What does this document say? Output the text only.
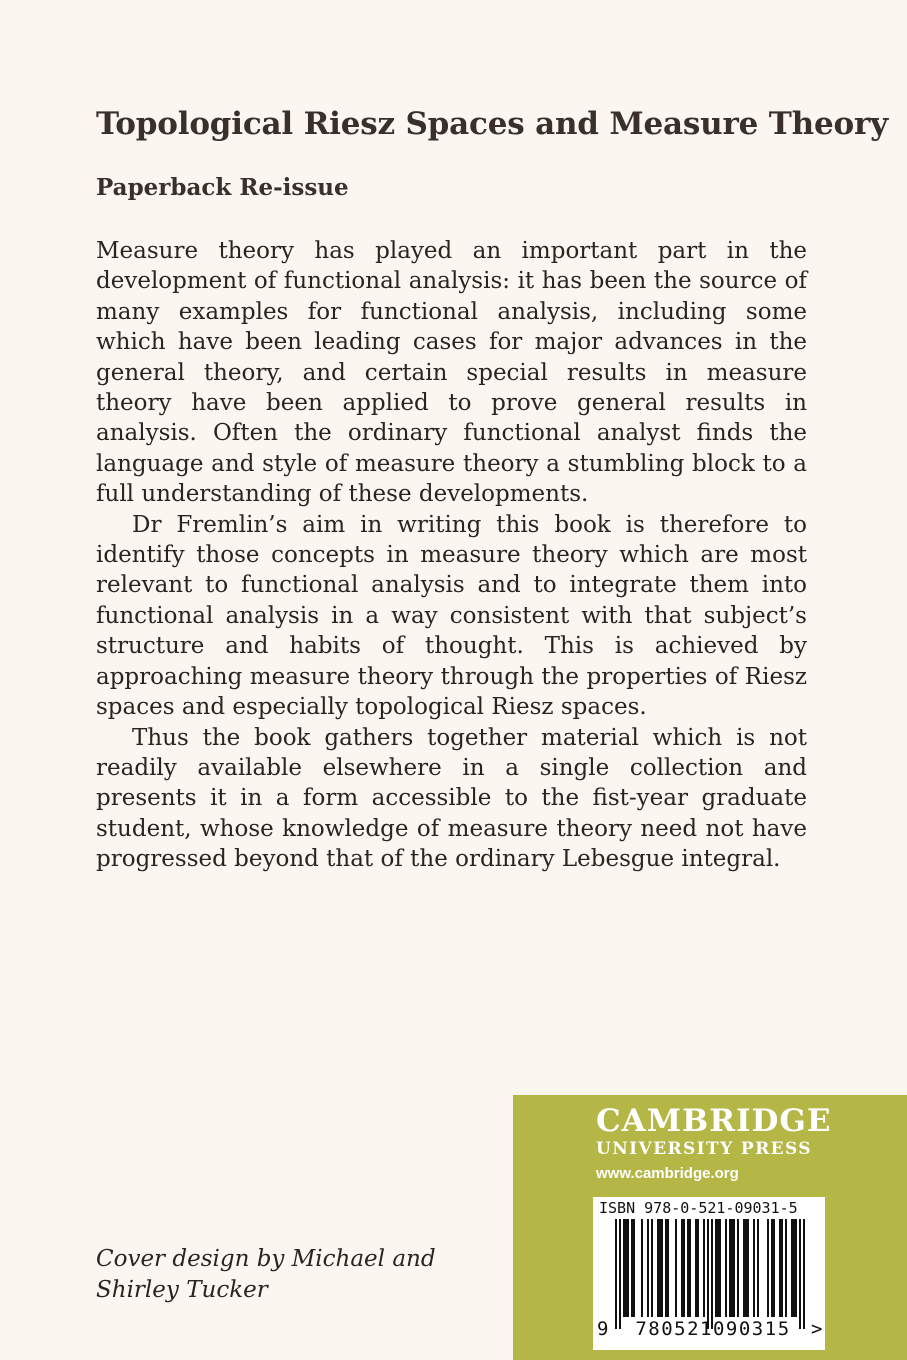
Topological Riesz Spaces and Measure Theory
Paperback Re-issue

Measure theory has played an important part in the development of functional analysis: it has been the source of many examples for functional analysis, including some which have been leading cases for major advances in the general theory, and certain special results in measure theory have been applied to prove general results in analysis. Often the ordinary functional analyst finds the language and style of measure theory a stumbling block to a full understanding of these developments.

Dr Fremlin’s aim in writing this book is therefore to identify those concepts in measure theory which are most relevant to functional analysis and to integrate them into functional analysis in a way consistent with that subject’s structure and habits of thought. This is achieved by approaching measure theory through the properties of Riesz spaces and especially topological Riesz spaces.

Thus the book gathers together material which is not readily available elsewhere in a single collection and presents it in a form accessible to the fist-year graduate student, whose knowledge of measure theory need not have progressed beyond that of the ordinary Lebesgue integral.

Cover design by Michael and Shirley Tucker
CAMBRIDGE
UNIVERSITY PRESS
www.cambridge.org
ISBN 978-0-521-09031-5
9	780521090315	>
